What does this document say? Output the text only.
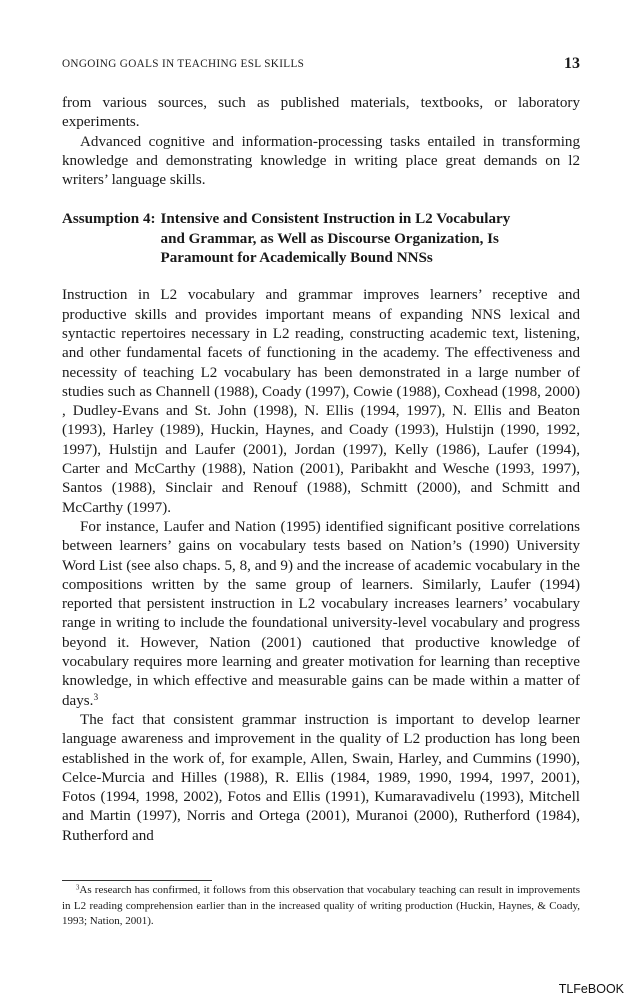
ONGOING GOALS IN TEACHING ESL SKILLS	13

from various sources, such as published materials, textbooks, or laboratory experiments.

Advanced cognitive and information-processing tasks entailed in transforming knowledge and demonstrating knowledge in writing place great demands on l2 writers’ language skills.

Assumption 4: Intensive and Consistent Instruction in L2 Vocabulary
and Grammar, as Well as Discourse Organization, Is
Paramount for Academically Bound NNSs

Instruction in L2 vocabulary and grammar improves learners’ receptive and productive skills and provides important means of expanding NNS lexical and syntactic repertoires necessary in L2 reading, constructing academic text, listening, and other fundamental facets of functioning in the academy. The effectiveness and necessity of teaching L2 vocabulary has been demonstrated in a large number of studies such as Channell (1988), Coady (1997), Cowie (1988), Coxhead (1998, 2000) , Dudley-Evans and St. John (1998), N. Ellis (1994, 1997), N. Ellis and Beaton (1993), Harley (1989), Huckin, Haynes, and Coady (1993), Hulstijn (1990, 1992, 1997), Hulstijn and Laufer (2001), Jordan (1997), Kelly (1986), Laufer (1994), Carter and McCarthy (1988), Nation (2001), Paribakht and Wesche (1993, 1997), Santos (1988), Sinclair and Renouf (1988), Schmitt (2000), and Schmitt and McCarthy (1997).

For instance, Laufer and Nation (1995) identified significant positive correlations between learners’ gains on vocabulary tests based on Nation’s (1990) University Word List (see also chaps. 5, 8, and 9) and the increase of academic vocabulary in the compositions written by the same group of learners. Similarly, Laufer (1994) reported that persistent instruction in L2 vocabulary increases learners’ vocabulary range in writing to include the foundational university-level vocabulary and progress beyond it. However, Nation (2001) cautioned that productive knowledge of vocabulary requires more learning and greater motivation for learning than receptive knowledge, in which effective and measurable gains can be made within a matter of days.$^3$

The fact that consistent grammar instruction is important to develop learner language awareness and improvement in the quality of L2 production has long been established in the work of, for example, Allen, Swain, Harley, and Cummins (1990), Celce-Murcia and Hilles (1988), R. Ellis (1984, 1989, 1990, 1994, 1997, 2001), Fotos (1994, 1998, 2002), Fotos and Ellis (1991), Kumaravadivelu (1993), Mitchell and Martin (1997), Norris and Ortega (2001), Muranoi (2000), Rutherford (1984), Rutherford and

$^3$As research has confirmed, it follows from this observation that vocabulary teaching can result in improvements in L2 reading comprehension earlier than in the increased quality of writing production (Huckin, Haynes, & Coady, 1993; Nation, 2001).

TLFeBOOK
